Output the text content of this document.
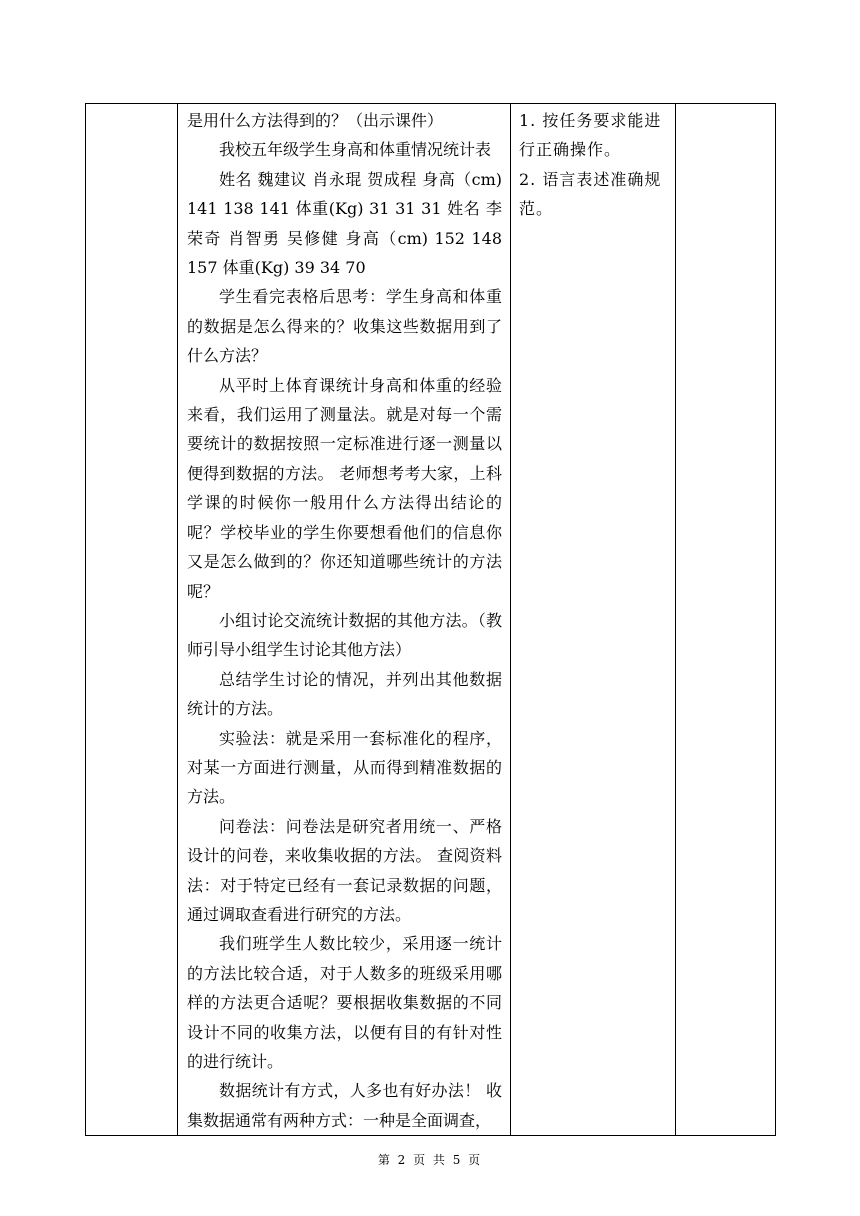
是用什么方法得到的？（出示课件）

我校五年级学生身高和体重情况统计表

姓名 魏建议 肖永琨 贺成程 身高（cm) 141 138 141 体重(Kg) 31 31 31 姓名 李荣奇 肖智勇 吴修健 身高（cm) 152 148 157 体重(Kg) 39 34 70

学生看完表格后思考：学生身高和体重的数据是怎么得来的？收集这些数据用到了什么方法？

从平时上体育课统计身高和体重的经验来看，我们运用了测量法。就是对每一个需要统计的数据按照一定标准进行逐一测量以便得到数据的方法。 老师想考考大家，上科学课的时候你一般用什么方法得出结论的呢？学校毕业的学生你要想看他们的信息你又是怎么做到的？你还知道哪些统计的方法呢？

小组讨论交流统计数据的其他方法。（教师引导小组学生讨论其他方法）

总结学生讨论的情况，并列出其他数据统计的方法。

实验法：就是采用一套标准化的程序，对某一方面进行测量，从而得到精准数据的方法。

问卷法：问卷法是研究者用统一、严格设计的问卷，来收集收据的方法。 查阅资料法：对于特定已经有一套记录数据的问题，通过调取查看进行研究的方法。

我们班学生人数比较少，采用逐一统计的方法比较合适，对于人数多的班级采用哪样的方法更合适呢？要根据收集数据的不同设计不同的收集方法，以便有目的有针对性的进行统计。

数据统计有方式，人多也有好办法！ 收集数据通常有两种方式：一种是全面调查，

1. 按任务要求能进行正确操作。

2. 语言表述准确规范。

第 2 页 共 5 页
